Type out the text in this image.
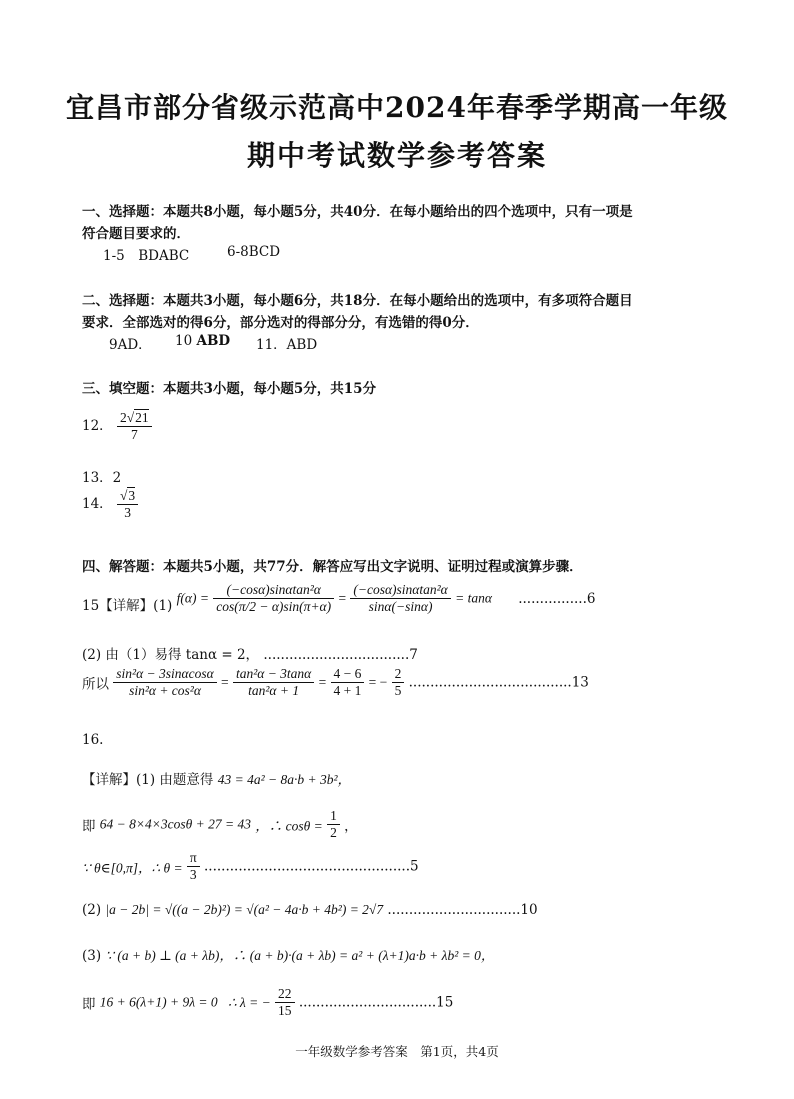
宜昌市部分省级示范高中2024年春季学期高一年级
期中考试数学参考答案
一、选择题：本题共8小题，每小题5分，共40分．在每小题给出的四个选项中，只有一项是
符合题目要求的．
1-5　BDABC	6-8BCD
二、选择题：本题共3小题，每小题6分，共18分．在每小题给出的选项中，有多项符合题目
要求．全部选对的得6分，部分选对的得部分分，有选错的得0分．
9AD． 10 ABD 11．ABD
三、填空题：本题共3小题，每小题5分，共15分
12． $\frac{2√21}{7}$
13．2
14． $\frac{√3}{3}$
四、解答题：本题共5小题，共77分．解答应写出文字说明、证明过程或演算步骤．
15【详解】(1) $f(\alpha) = \frac{\text{(−cosα)sinαtan²α}}{\cos(\pi/2 - \alpha)\sin(\pi+\alpha)} = \frac{\text{(−cosα)sinαtan²α}}{\sin\alpha(-\sin\alpha)} = \tan\alpha$ ................6
(2) 由（1）易得 tanα = 2， ..................................7
所以 $\frac{\text{sin²α − 3sinαcosα}}{\text{sin²α + cos²α}} = \frac{\text{tan²α − 3tanα}}{\text{tan²α + 1}} = \frac{4 - 6}{4 + 1}$ = − $\frac{2}{5} ......................................13$
16.
【详解】(1) 由题意得 43 = 4a² − 8a·b + 3b²，
即 64 − 8×4×3cosθ + 27 = 43 ，∴ $\cos\theta = \frac{1}{2}$ ，
∵ θ∈[0,π]，∴ $\theta = \frac{\pi}{3} ................................................5$
(2) |a − 2b| = √((a − 2b)²) = √(a² − 4a·b + 4b²) = 2√7 ...............................10
(3) ∵ (a + b) ⊥ (a + λb)，∴ (a + b)·(a + λb) = a² + (λ+1)a·b + λb² = 0，
即 16 + 6(λ+1) + 9λ = 0 ∴ λ = − $\frac{22}{15} ................................15$
一年级数学参考答案　第1页，共4页
